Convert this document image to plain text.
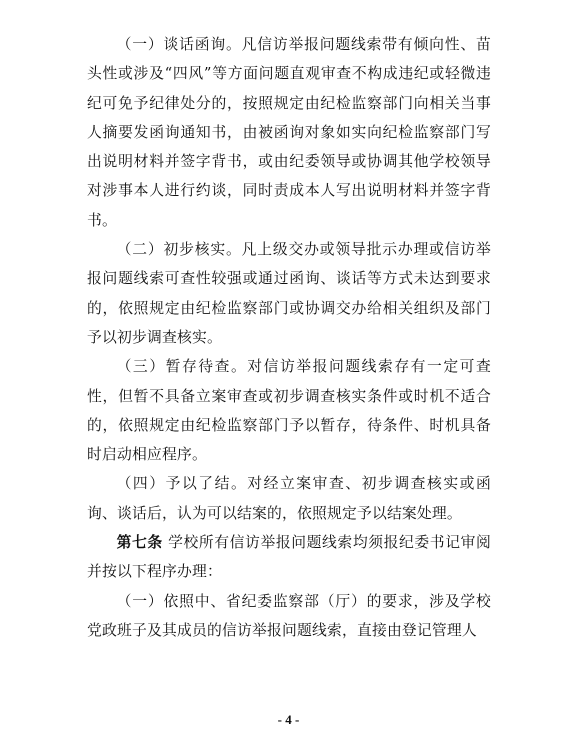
（一）谈话函询。凡信访举报问题线索带有倾向性、苗头性或涉及“四风”等方面问题直观审查不构成违纪或轻微违纪可免予纪律处分的，按照规定由纪检监察部门向相关当事人摘要发函询通知书，由被函询对象如实向纪检监察部门写出说明材料并签字背书，或由纪委领导或协调其他学校领导对涉事本人进行约谈，同时责成本人写出说明材料并签字背书。

（二）初步核实。凡上级交办或领导批示办理或信访举报问题线索可查性较强或通过函询、谈话等方式未达到要求的，依照规定由纪检监察部门或协调交办给相关组织及部门予以初步调查核实。

（三）暂存待查。对信访举报问题线索存有一定可查性，但暂不具备立案审查或初步调查核实条件或时机不适合的，依照规定由纪检监察部门予以暂存，待条件、时机具备时启动相应程序。

（四）予以了结。对经立案审查、初步调查核实或函询、谈话后，认为可以结案的，依照规定予以结案处理。

第七条 学校所有信访举报问题线索均须报纪委书记审阅并按以下程序办理：

（一）依照中、省纪委监察部（厅）的要求，涉及学校党政班子及其成员的信访举报问题线索，直接由登记管理人

- 4 -
